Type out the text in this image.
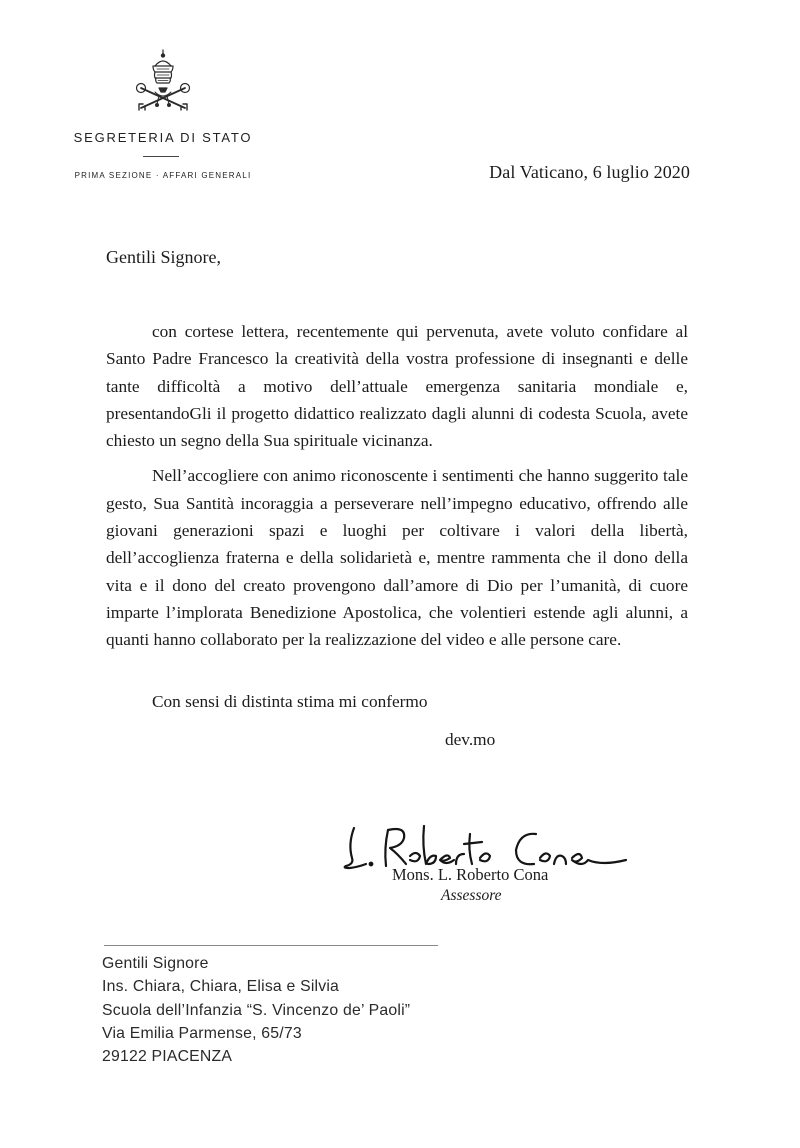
SEGRETERIA DI STATO
PRIMA SEZIONE · AFFARI GENERALI	Dal Vaticano, 6 luglio 2020
Gentili Signore,

con cortese lettera, recentemente qui pervenuta, avete voluto confidare al Santo Padre Francesco la creatività della vostra professione di insegnanti e delle tante difficoltà a motivo dell’attuale emergenza sanitaria mondiale e, presentandoGli il progetto didattico realizzato dagli alunni di codesta Scuola, avete chiesto un segno della Sua spirituale vicinanza.

Nell’accogliere con animo riconoscente i sentimenti che hanno suggerito tale gesto, Sua Santità incoraggia a perseverare nell’impegno educativo, offrendo alle giovani generazioni spazi e luoghi per coltivare i valori della libertà, dell’accoglienza fraterna e della solidarietà e, mentre rammenta che il dono della vita e il dono del creato provengono dall’amore di Dio per l’umanità, di cuore imparte l’implorata Benedizione Apostolica, che volentieri estende agli alunni, a quanti hanno collaborato per la realizzazione del video e alle persone care.

Con sensi di distinta stima mi confermo
dev.mo
Mons. L. Roberto Cona
Assessore
Gentili Signore
Ins. Chiara, Chiara, Elisa e Silvia
Scuola dell’Infanzia “S. Vincenzo de’ Paoli”
Via Emilia Parmense, 65/73
29122 PIACENZA
